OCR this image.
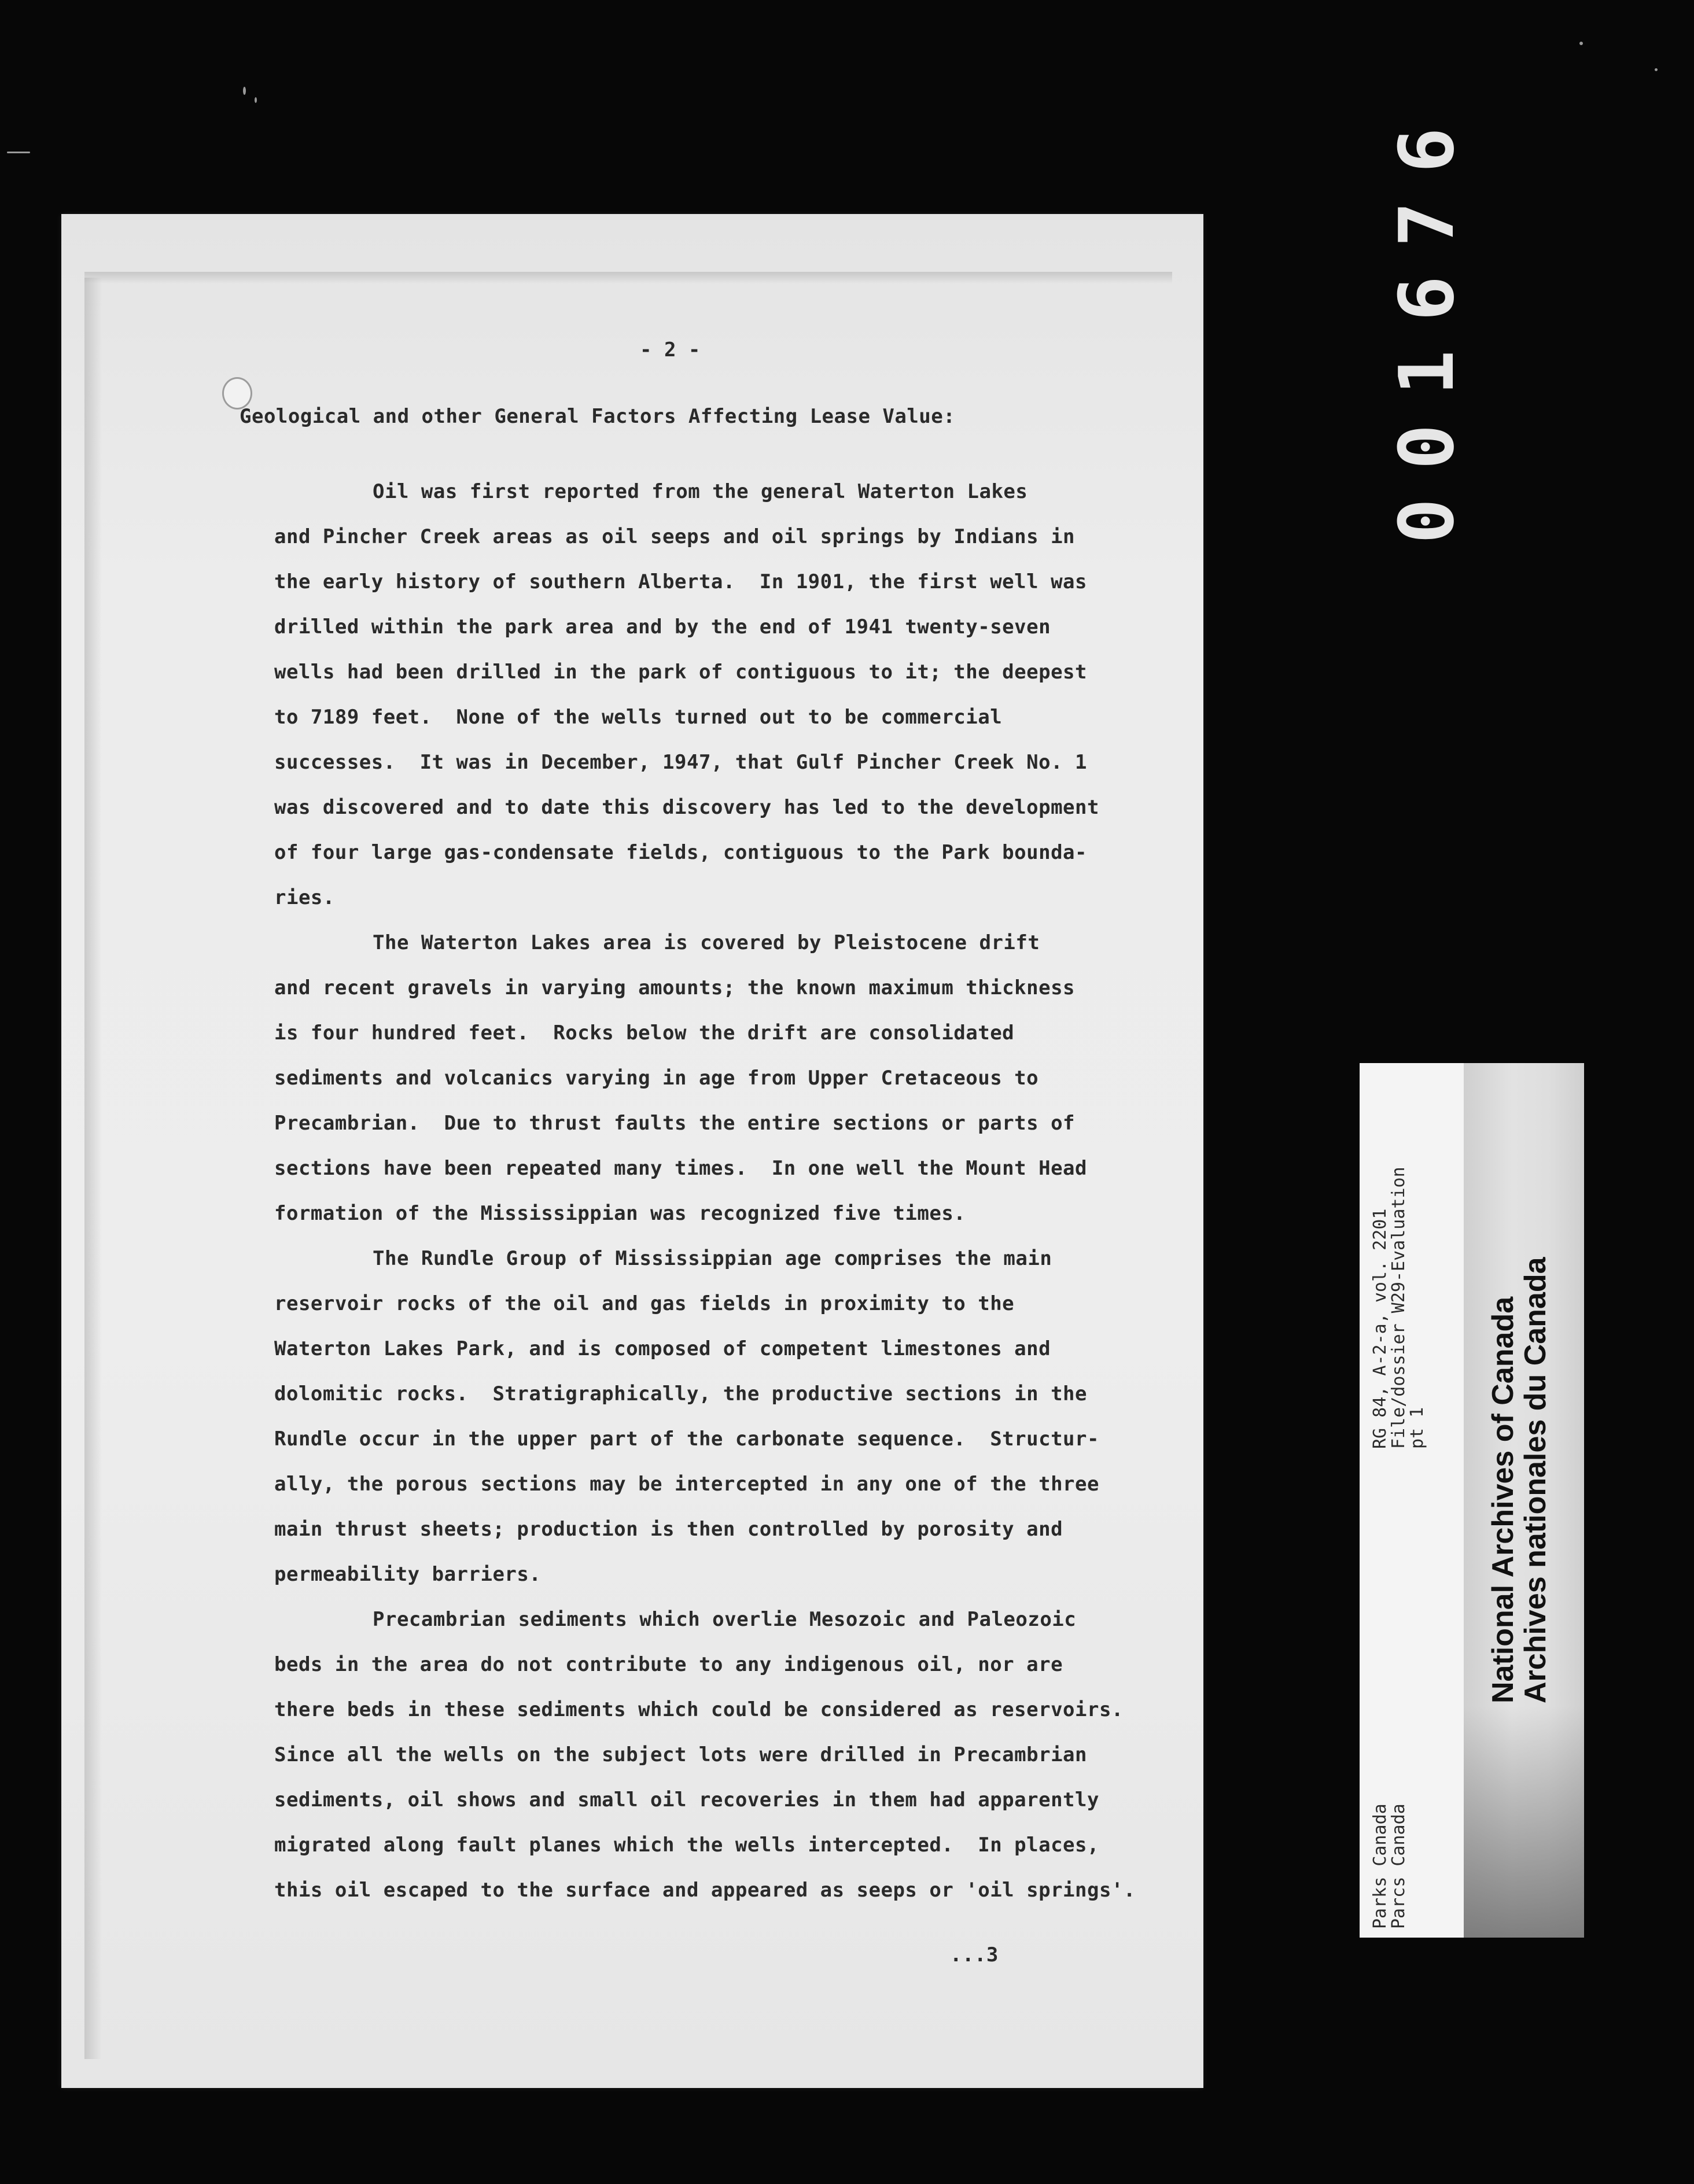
- 2 -
Geological and other General Factors Affecting Lease Value:
Oil was first reported from the general Waterton Lakes
and Pincher Creek areas as oil seeps and oil springs by Indians in
the early history of southern Alberta.  In 1901, the first well was
drilled within the park area and by the end of 1941 twenty-seven
wells had been drilled in the park of contiguous to it; the deepest
to 7189 feet.  None of the wells turned out to be commercial
successes.  It was in December, 1947, that Gulf Pincher Creek No. 1
was discovered and to date this discovery has led to the development
of four large gas-condensate fields, contiguous to the Park bounda-
ries.
The Waterton Lakes area is covered by Pleistocene drift
and recent gravels in varying amounts; the known maximum thickness
is four hundred feet.  Rocks below the drift are consolidated
sediments and volcanics varying in age from Upper Cretaceous to
Precambrian.  Due to thrust faults the entire sections or parts of
sections have been repeated many times.  In one well the Mount Head
formation of the Mississippian was recognized five times.
The Rundle Group of Mississippian age comprises the main
reservoir rocks of the oil and gas fields in proximity to the
Waterton Lakes Park, and is composed of competent limestones and
dolomitic rocks.  Stratigraphically, the productive sections in the
Rundle occur in the upper part of the carbonate sequence.  Structur-
ally, the porous sections may be intercepted in any one of the three
main thrust sheets; production is then controlled by porosity and
permeability barriers.
Precambrian sediments which overlie Mesozoic and Paleozoic
beds in the area do not contribute to any indigenous oil, nor are
there beds in these sediments which could be considered as reservoirs.
Since all the wells on the subject lots were drilled in Precambrian
sediments, oil shows and small oil recoveries in them had apparently
migrated along fault planes which the wells intercepted.  In places,
this oil escaped to the surface and appeared as seeps or 'oil springs'.
...3
001676
RG 84, A-2-a, vol. 2201
File/dossier W29-Evaluation
pt 1
Parks Canada
Parcs Canada
National Archives of Canada
Archives nationales du Canada
